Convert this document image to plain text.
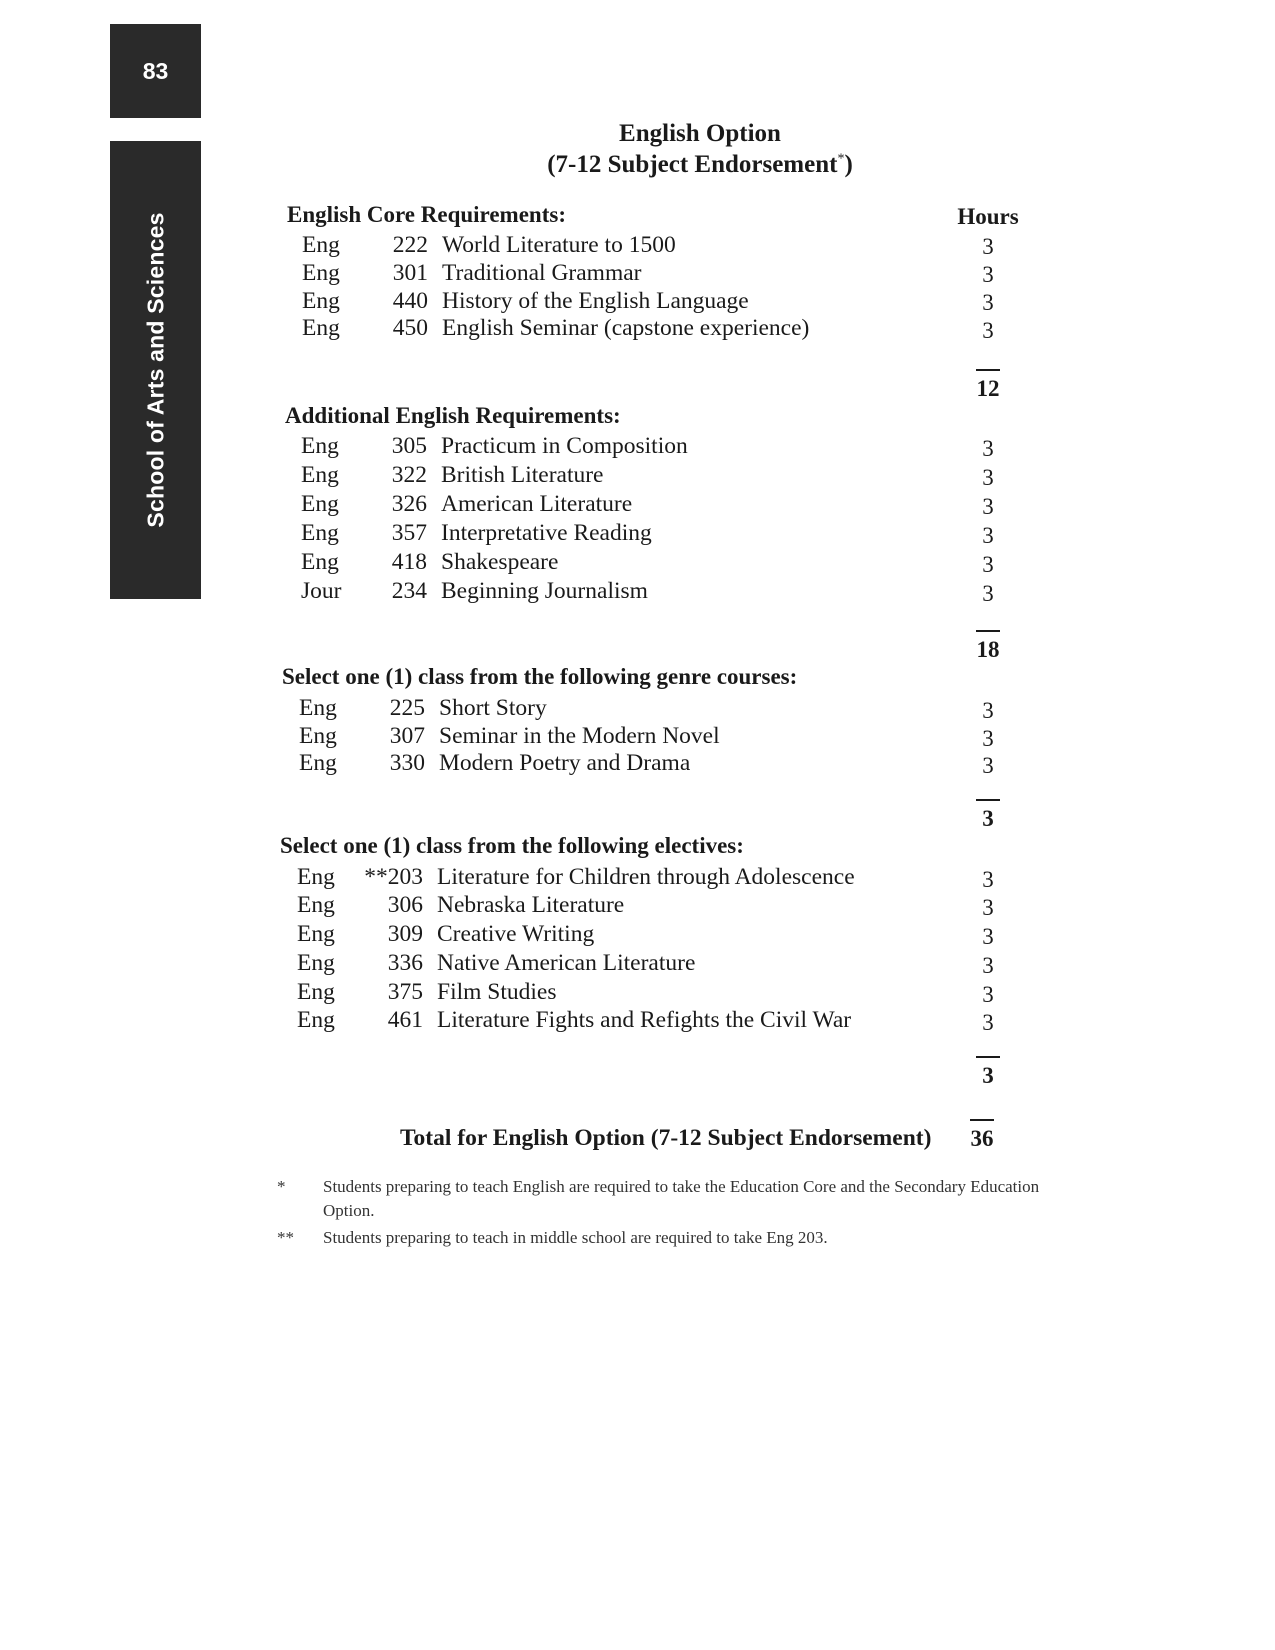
83
School of Arts and Sciences
English Option
(7-12 Subject Endorsement*)
Hours
English Core Requirements:
Eng	222 World Literature to 1500	3
Eng	301 Traditional Grammar	3
Eng	440 History of the English Language	3
Eng	450 English Seminar (capstone experience)	3
12
Additional English Requirements:
Eng	305 Practicum in Composition	3
Eng	322 British Literature	3
Eng	326 American Literature	3
Eng	357 Interpretative Reading	3
Eng	418 Shakespeare	3
Jour	234 Beginning Journalism	3
18
Select one (1) class from the following genre courses:
Eng	225 Short Story	3
Eng	307 Seminar in the Modern Novel	3
Eng	330 Modern Poetry and Drama	3
3
Select one (1) class from the following electives:
Eng	**203 Literature for Children through Adolescence	3
Eng	306 Nebraska Literature	3
Eng	309 Creative Writing	3
Eng	336 Native American Literature	3
Eng	375 Film Studies	3
Eng	461 Literature Fights and Refights the Civil War	3
3
Total for English Option (7-12 Subject Endorsement)	36
*	Students preparing to teach English are required to take the Education Core and the Secondary Education Option.
**	Students preparing to teach in middle school are required to take Eng 203.
